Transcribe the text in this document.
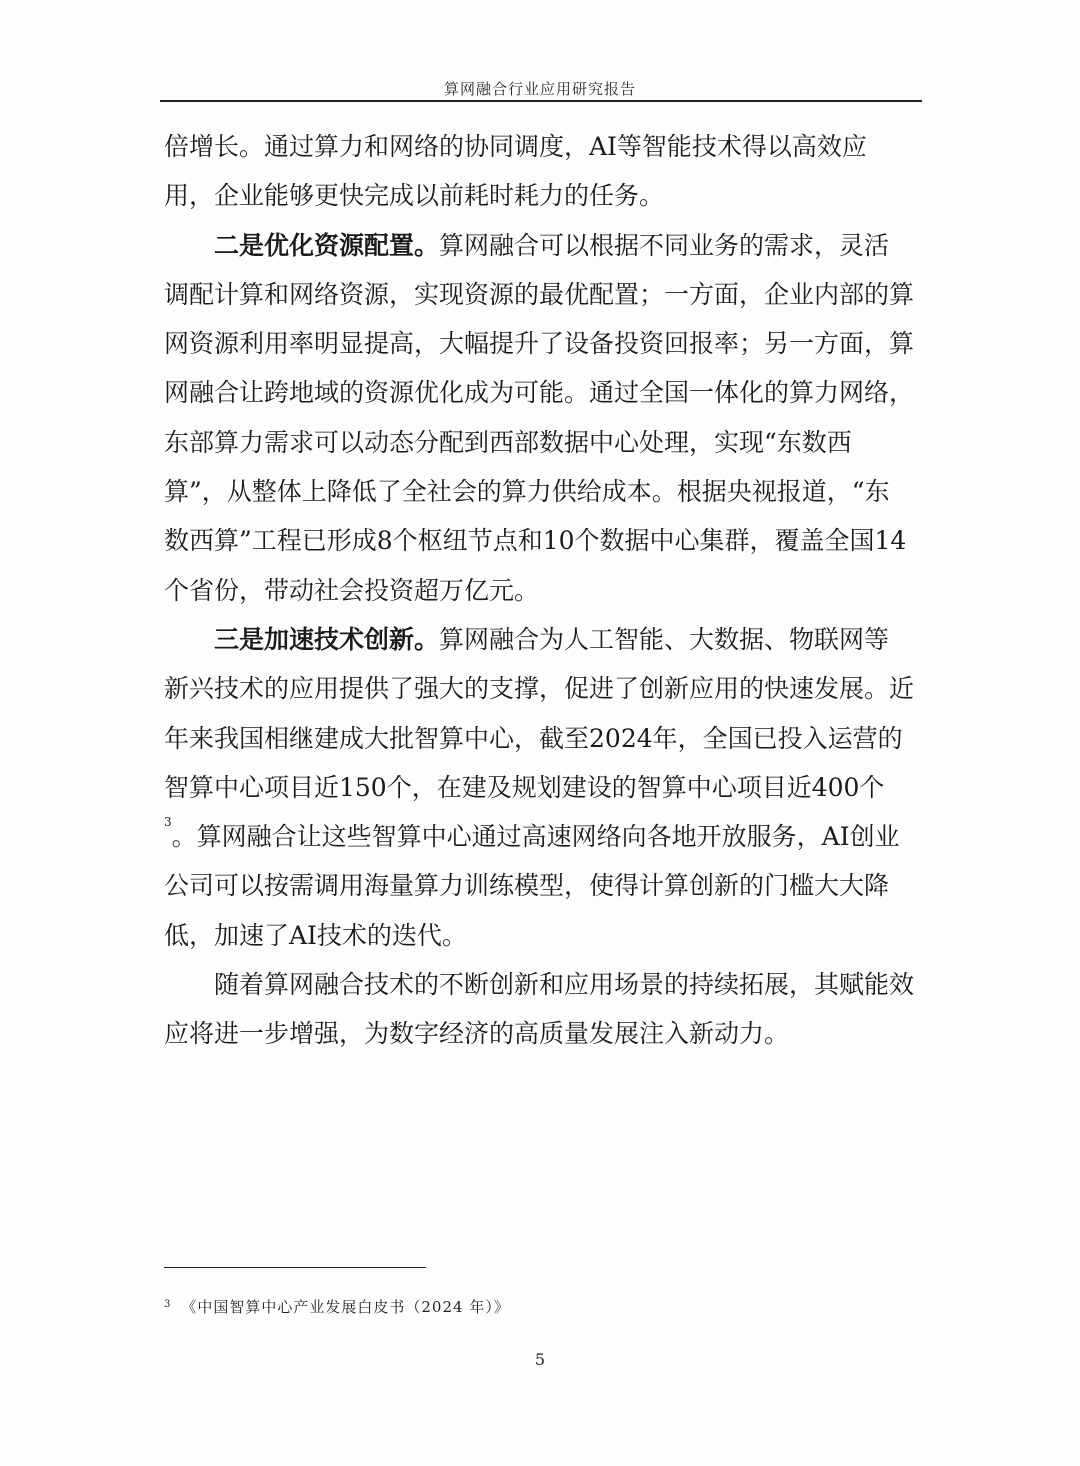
算网融合行业应用研究报告

倍增长。通过算力和网络的协同调度，AI等智能技术得以高效应用，企业能够更快完成以前耗时耗力的任务。

二是优化资源配置。算网融合可以根据不同业务的需求，灵活调配计算和网络资源，实现资源的最优配置；一方面，企业内部的算网资源利用率明显提高，大幅提升了设备投资回报率；另一方面，算网融合让跨地域的资源优化成为可能。通过全国一体化的算力网络，东部算力需求可以动态分配到西部数据中心处理，实现“东数西算”，从整体上降低了全社会的算力供给成本。根据央视报道，“东数西算”工程已形成8个枢纽节点和10个数据中心集群，覆盖全国14个省份，带动社会投资超万亿元。

三是加速技术创新。算网融合为人工智能、大数据、物联网等新兴技术的应用提供了强大的支撑，促进了创新应用的快速发展。近年来我国相继建成大批智算中心，截至2024年，全国已投入运营的智算中心项目近150个，在建及规划建设的智算中心项目近400个$^3$。算网融合让这些智算中心通过高速网络向各地开放服务，AI创业公司可以按需调用海量算力训练模型，使得计算创新的门槛大大降低，加速了AI技术的迭代。

随着算网融合技术的不断创新和应用场景的持续拓展，其赋能效应将进一步增强，为数字经济的高质量发展注入新动力。

$^3$ 《中国智算中心产业发展白皮书（2024 年）》
5
